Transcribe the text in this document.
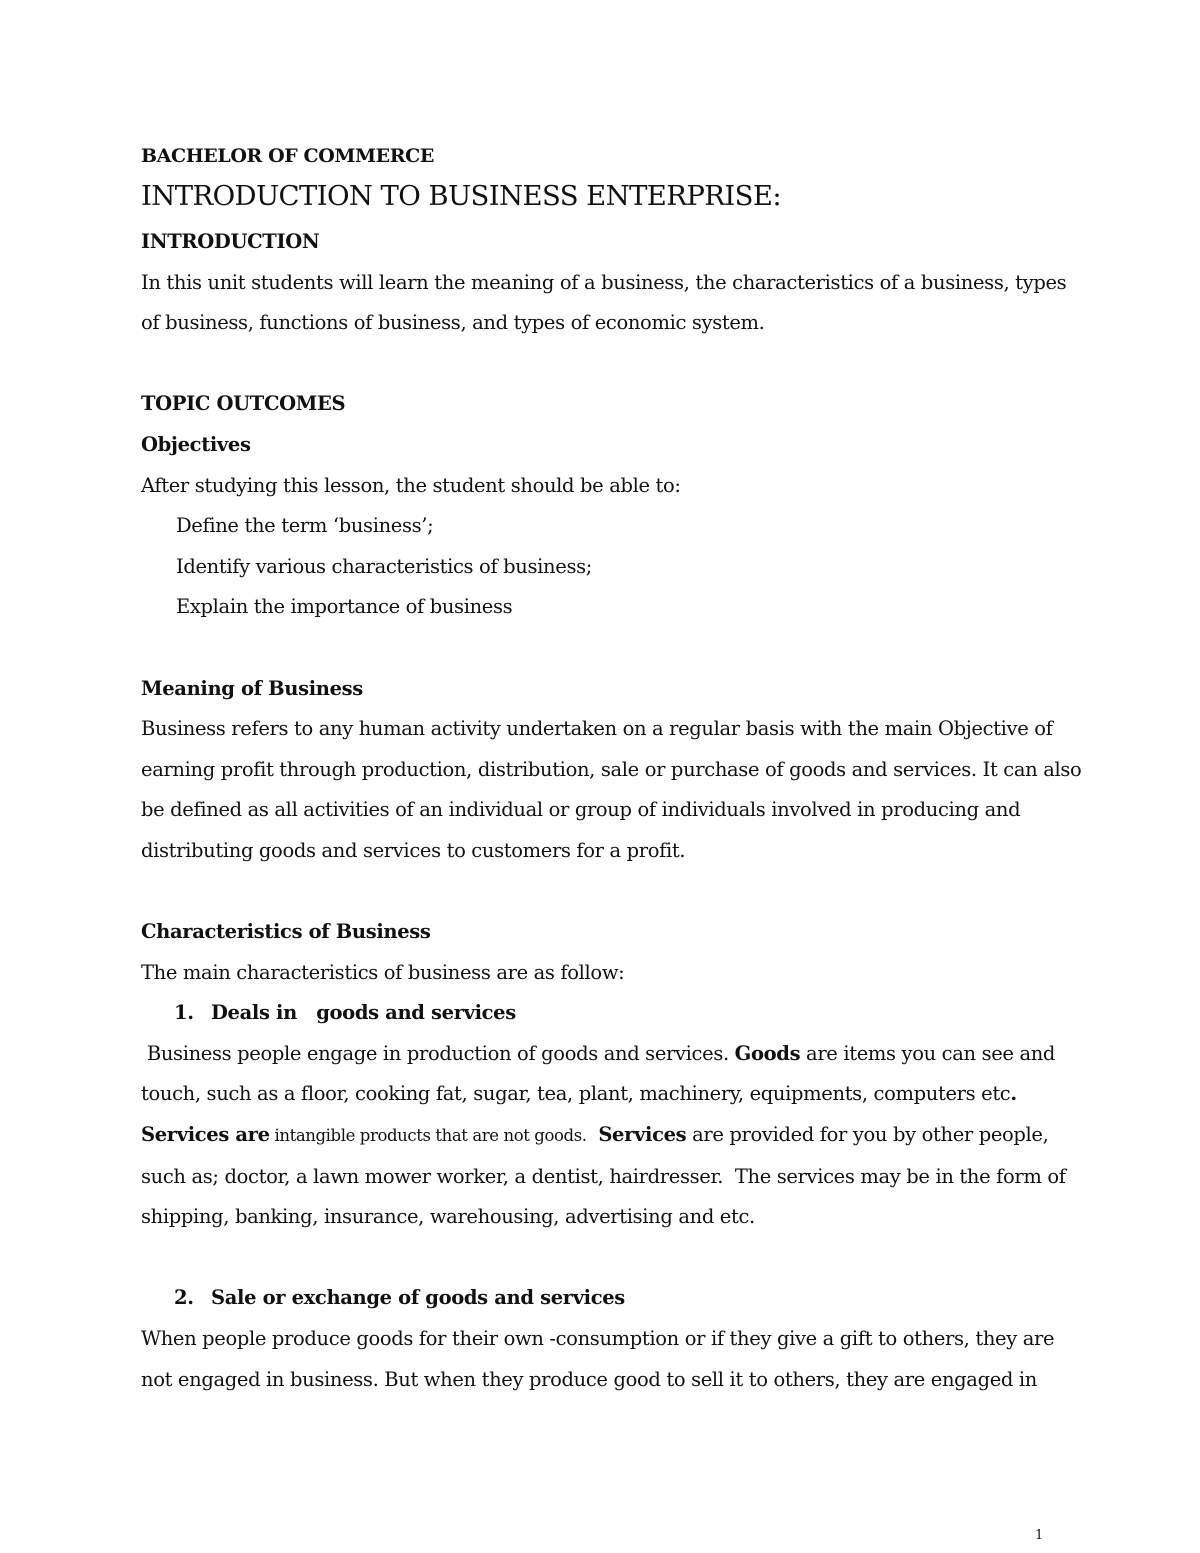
BACHELOR OF COMMERCE
INTRODUCTION TO BUSINESS ENTERPRISE:
INTRODUCTION
In this unit students will learn the meaning of a business, the characteristics of a business, types
of business, functions of business, and types of economic system.
TOPIC OUTCOMES
Objectives
After studying this lesson, the student should be able to:
Define the term ‘business’;
Identify various characteristics of business;
Explain the importance of business
Meaning of Business
Business refers to any human activity undertaken on a regular basis with the main Objective of
earning profit through production, distribution, sale or purchase of goods and services. It can also
be defined as all activities of an individual or group of individuals involved in producing and
distributing goods and services to customers for a profit.
Characteristics of Business
The main characteristics of business are as follow:
1. Deals in   goods and services
Business people engage in production of goods and services. Goods are items you can see and
touch, such as a floor, cooking fat, sugar, tea, plant, machinery, equipments, computers etc.
Services are intangible products that are not goods. Services are provided for you by other people,
such as; doctor, a lawn mower worker, a dentist, hairdresser.  The services may be in the form of
shipping, banking, insurance, warehousing, advertising and etc.
2. Sale or exchange of goods and services
When people produce goods for their own -consumption or if they give a gift to others, they are
not engaged in business. But when they produce good to sell it to others, they are engaged in
1
